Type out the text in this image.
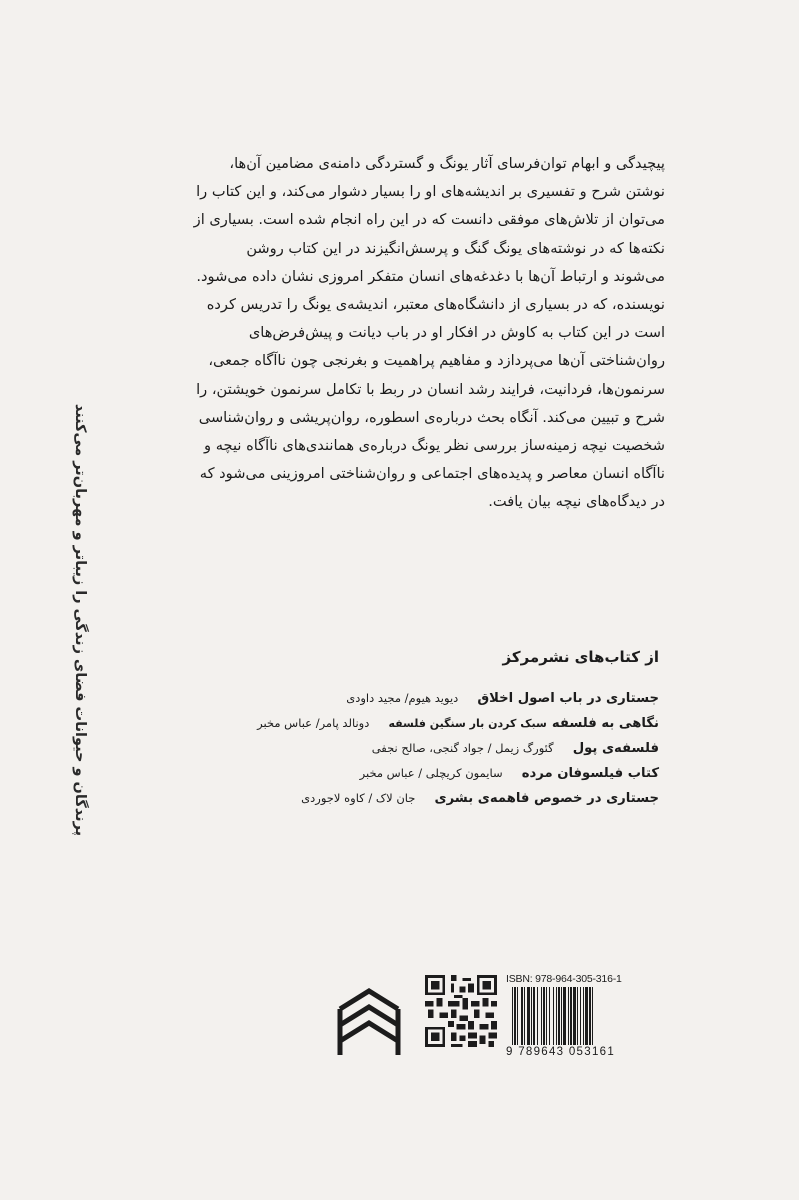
پیچیدگی و ابهام توان‌فرسای آثار یونگ و گستردگی دامنه‌ی مضامین آن‌ها،
نوشتن شرح و تفسیری بر اندیشه‌های او را بسیار دشوار می‌کند، و این کتاب را
می‌توان از تلاش‌های موفقی دانست که در این راه انجام شده است. بسیاری از
نکته‌ها که در نوشته‌های یونگ گنگ و پرسش‌انگیزند در این کتاب روشن
می‌شوند و ارتباط آن‌ها با دغدغه‌های انسان متفکر امروزی نشان داده می‌شود.
نویسنده، که در بسیاری از دانشگاه‌های معتبر، اندیشه‌ی یونگ را تدریس کرده
است در این کتاب به کاوش در افکار او در باب دیانت و پیش‌فرض‌های
روان‌شناختی آن‌ها می‌پردازد و مفاهیم پراهمیت و بغرنجی چون ناآگاه جمعی،
سرنمون‌ها، فردانیت، فرایند رشد انسان در ربط با تکامل سرنمون خویشتن، را
شرح و تبیین می‌کند. آنگاه بحث درباره‌ی اسطوره، روان‌پریشی و روان‌شناسی
شخصیت نیچه زمینه‌ساز بررسی نظر یونگ درباره‌ی همانندی‌های ناآگاه نیچه و
ناآگاه انسان معاصر و پدیده‌های اجتماعی و روان‌شناختی امروزینی می‌شود که
در دیدگاه‌های نیچه بیان یافت.
از کتاب‌های نشرمرکز
جستاری در باب اصول اخلاق دیوید هیوم/ مجید داودی
نگاهی به فلسفه سبک کردن بار سنگین فلسفه دونالد پامر/ عباس مخبر
فلسفه‌ی پول گئورگ زیمل / جواد گنجی، صالح نجفی
کتاب فیلسوفان مرده سایمون کریچلی / عباس مخبر
جستاری در خصوص فاهمه‌ی بشری جان لاک / کاوه لاجوردی
پرندگان و حیوانات فضای زندگی را زیباتر و مهربان‌تر می‌کنند
ISBN: 978-964-305-316-1
9 789643 053161
